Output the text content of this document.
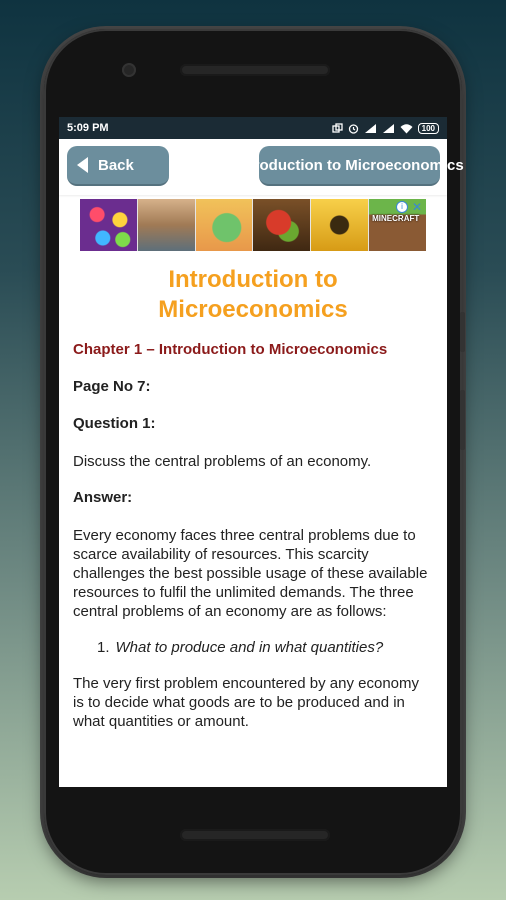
5:09 PM	100
Back	Introduction to Microeconomics
MINECRAFT
i ✕
Introduction to Microeconomics
Chapter 1 – Introduction to Microeconomics
Page No 7:
Question 1:
Discuss the central problems of an economy.
Answer:
Every economy faces three central problems due to scarce availability of resources. This scarcity challenges the best possible usage of these available resources to fulfil the unlimited demands. The three central problems of an economy are as follows:
1. What to produce and in what quantities?
The very first problem encountered by any economy is to decide what goods are to be produced and in what quantities or amount.
